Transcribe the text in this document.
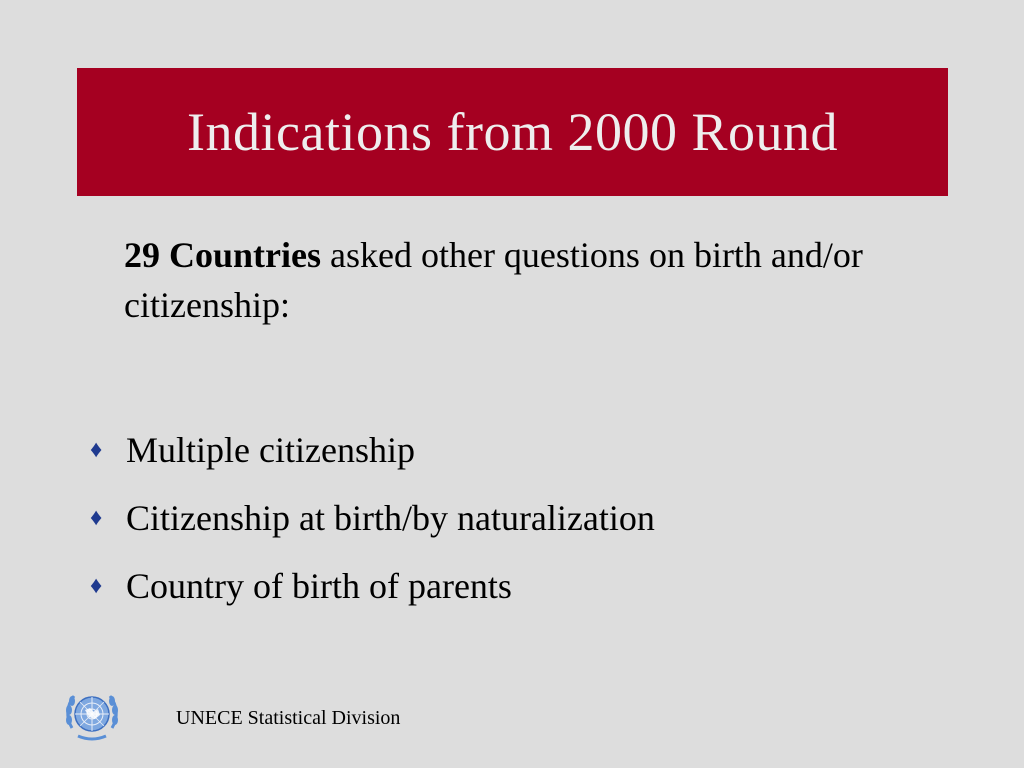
Indications from 2000 Round
29 Countries asked other questions on birth and/or citizenship:
♦ Multiple citizenship
♦ Citizenship at birth/by naturalization
♦ Country of birth of parents
UNECE Statistical Division
